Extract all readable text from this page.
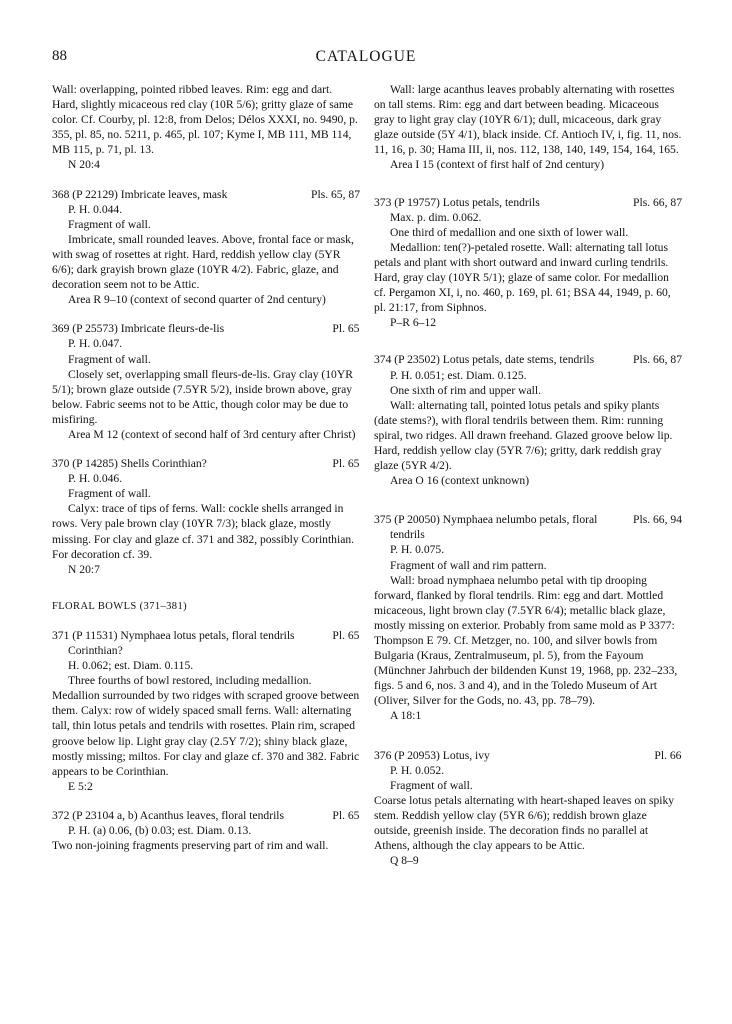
88	CATALOGUE

Wall: overlapping, pointed ribbed leaves. Rim: egg and dart. Hard, slightly micaceous red clay (10R 5/6); gritty glaze of same color. Cf. Courby, pl. 12:8, from Delos; Délos XXXI, no. 9490, p. 355, pl. 85, no. 5211, p. 465, pl. 107; Kyme I, MB 111, MB 114, MB 115, p. 71, pl. 13.

N 20:4

368 (P 22129) Imbricate leaves, mask	Pls. 65, 87

P. H. 0.044.

Fragment of wall.

Imbricate, small rounded leaves. Above, frontal face or mask, with swag of rosettes at right. Hard, reddish yellow clay (5YR 6/6); dark grayish brown glaze (10YR 4/2). Fabric, glaze, and decoration seem not to be Attic.

Area R 9–10 (context of second quarter of 2nd century)

369 (P 25573) Imbricate fleurs-de-lis	Pl. 65

P. H. 0.047.

Fragment of wall.

Closely set, overlapping small fleurs-de-lis. Gray clay (10YR 5/1); brown glaze outside (7.5YR 5/2), inside brown above, gray below. Fabric seems not to be Attic, though color may be due to misfiring.

Area M 12 (context of second half of 3rd century after Christ)

370 (P 14285) Shells Corinthian?	Pl. 65

P. H. 0.046.

Fragment of wall.

Calyx: trace of tips of ferns. Wall: cockle shells arranged in rows. Very pale brown clay (10YR 7/3); black glaze, mostly missing. For clay and glaze cf. 371 and 382, possibly Corinthian. For decoration cf. 39.

N 20:7

FLORAL BOWLS (371–381)

371 (P 11531) Nymphaea lotus petals, floral tendrils Corinthian?
Pl. 65

H. 0.062; est. Diam. 0.115.

Three fourths of bowl restored, including medallion.

Medallion surrounded by two ridges with scraped groove between them. Calyx: row of widely spaced small ferns. Wall: alternating tall, thin lotus petals and tendrils with rosettes. Plain rim, scraped groove below lip. Light gray clay (2.5Y 7/2); shiny black glaze, mostly missing; miltos. For clay and glaze cf. 370 and 382. Fabric appears to be Corinthian.

E 5:2

372 (P 23104 a, b) Acanthus leaves, floral tendrils	Pl. 65

P. H. (a) 0.06, (b) 0.03; est. Diam. 0.13.

Two non-joining fragments preserving part of rim and wall.

Wall: large acanthus leaves probably alternating with rosettes on tall stems. Rim: egg and dart between beading. Micaceous gray to light gray clay (10YR 6/1); dull, micaceous, dark gray glaze outside (5Y 4/1), black inside. Cf. Antioch IV, i, fig. 11, nos. 11, 16, p. 30; Hama III, ii, nos. 112, 138, 140, 149, 154, 164, 165.

Area I 15 (context of first half of 2nd century)

373 (P 19757) Lotus petals, tendrils	Pls. 66, 87

Max. p. dim. 0.062.

One third of medallion and one sixth of lower wall.

Medallion: ten(?)-petaled rosette. Wall: alternating tall lotus petals and plant with short outward and inward curling tendrils. Hard, gray clay (10YR 5/1); glaze of same color. For medallion cf. Pergamon XI, i, no. 460, p. 169, pl. 61; BSA 44, 1949, p. 60, pl. 21:17, from Siphnos.

P–R 6–12

374 (P 23502) Lotus petals, date stems, tendrils	Pls. 66, 87

P. H. 0.051; est. Diam. 0.125.

One sixth of rim and upper wall.

Wall: alternating tall, pointed lotus petals and spiky plants (date stems?), with floral tendrils between them. Rim: running spiral, two ridges. All drawn freehand. Glazed groove below lip. Hard, reddish yellow clay (5YR 7/6); gritty, dark reddish gray glaze (5YR 4/2).

Area O 16 (context unknown)

375 (P 20050) Nymphaea nelumbo petals, floral tendrils
Pls. 66, 94

P. H. 0.075.

Fragment of wall and rim pattern.

Wall: broad nymphaea nelumbo petal with tip drooping forward, flanked by floral tendrils. Rim: egg and dart. Mottled micaceous, light brown clay (7.5YR 6/4); metallic black glaze, mostly missing on exterior. Probably from same mold as P 3377: Thompson E 79. Cf. Metzger, no. 100, and silver bowls from Bulgaria (Kraus, Zentralmuseum, pl. 5), from the Fayoum (Münchner Jahrbuch der bildenden Kunst 19, 1968, pp. 232–233, figs. 5 and 6, nos. 3 and 4), and in the Toledo Museum of Art (Oliver, Silver for the Gods, no. 43, pp. 78–79).

A 18:1

376 (P 20953) Lotus, ivy	Pl. 66

P. H. 0.052.

Fragment of wall.

Coarse lotus petals alternating with heart-shaped leaves on spiky stem. Reddish yellow clay (5YR 6/6); reddish brown glaze outside, greenish inside. The decoration finds no parallel at Athens, although the clay appears to be Attic.

Q 8–9
